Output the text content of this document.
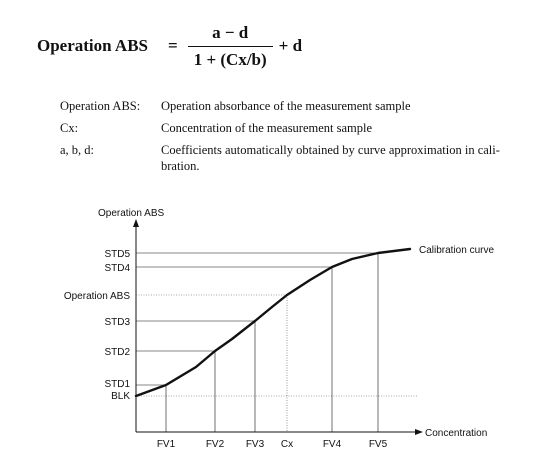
Operation ABS = $\frac{a - d}{1 + (Cx/b)} + d$
Operation ABS:	Operation absorbance of the measurement sample
Cx:	Concentration of the measurement sample
a, b, d:	Coefficients automatically obtained by curve approximation in cali-bration.
Operation ABS
Concentration
Calibration curve
STD5
STD4
Operation ABS
STD3
STD2
STD1
BLK
FV1	FV2 FV3 Cx	FV4	FV5
